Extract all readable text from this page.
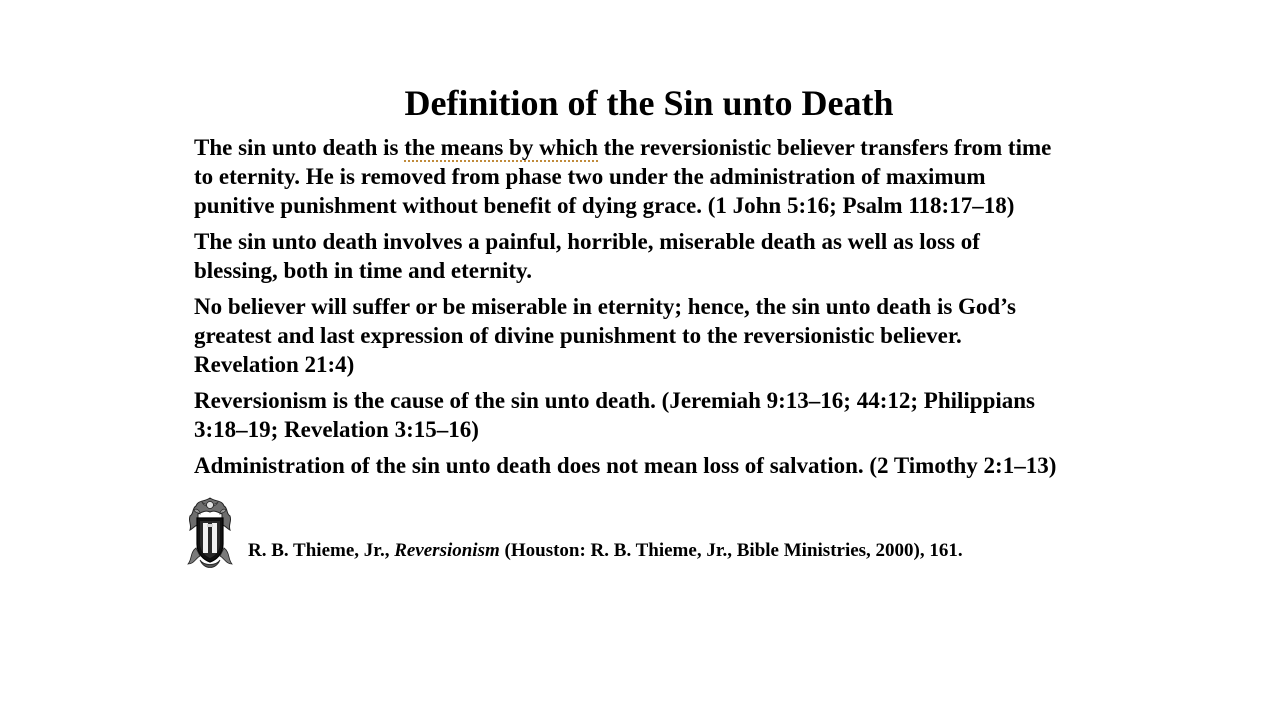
Definition of the Sin unto Death

The sin unto death is the means by which the reversionistic believer transfers from time
to eternity. He is removed from phase two under the administration of maximum
punitive punishment without benefit of dying grace. (1 John 5:16; Psalm 118:17–18)

The sin unto death involves a painful, horrible, miserable death as well as loss of
blessing, both in time and eternity.

No believer will suffer or be miserable in eternity; hence, the sin unto death is God’s
greatest and last expression of divine punishment to the reversionistic believer.
Revelation 21:4)

Reversionism is the cause of the sin unto death. (Jeremiah 9:13–16; 44:12; Philippians
3:18–19; Revelation 3:15–16)

Administration of the sin unto death does not mean loss of salvation. (2 Timothy 2:1–13)

R. B. Thieme, Jr., Reversionism (Houston: R. B. Thieme, Jr., Bible Ministries, 2000), 161.
